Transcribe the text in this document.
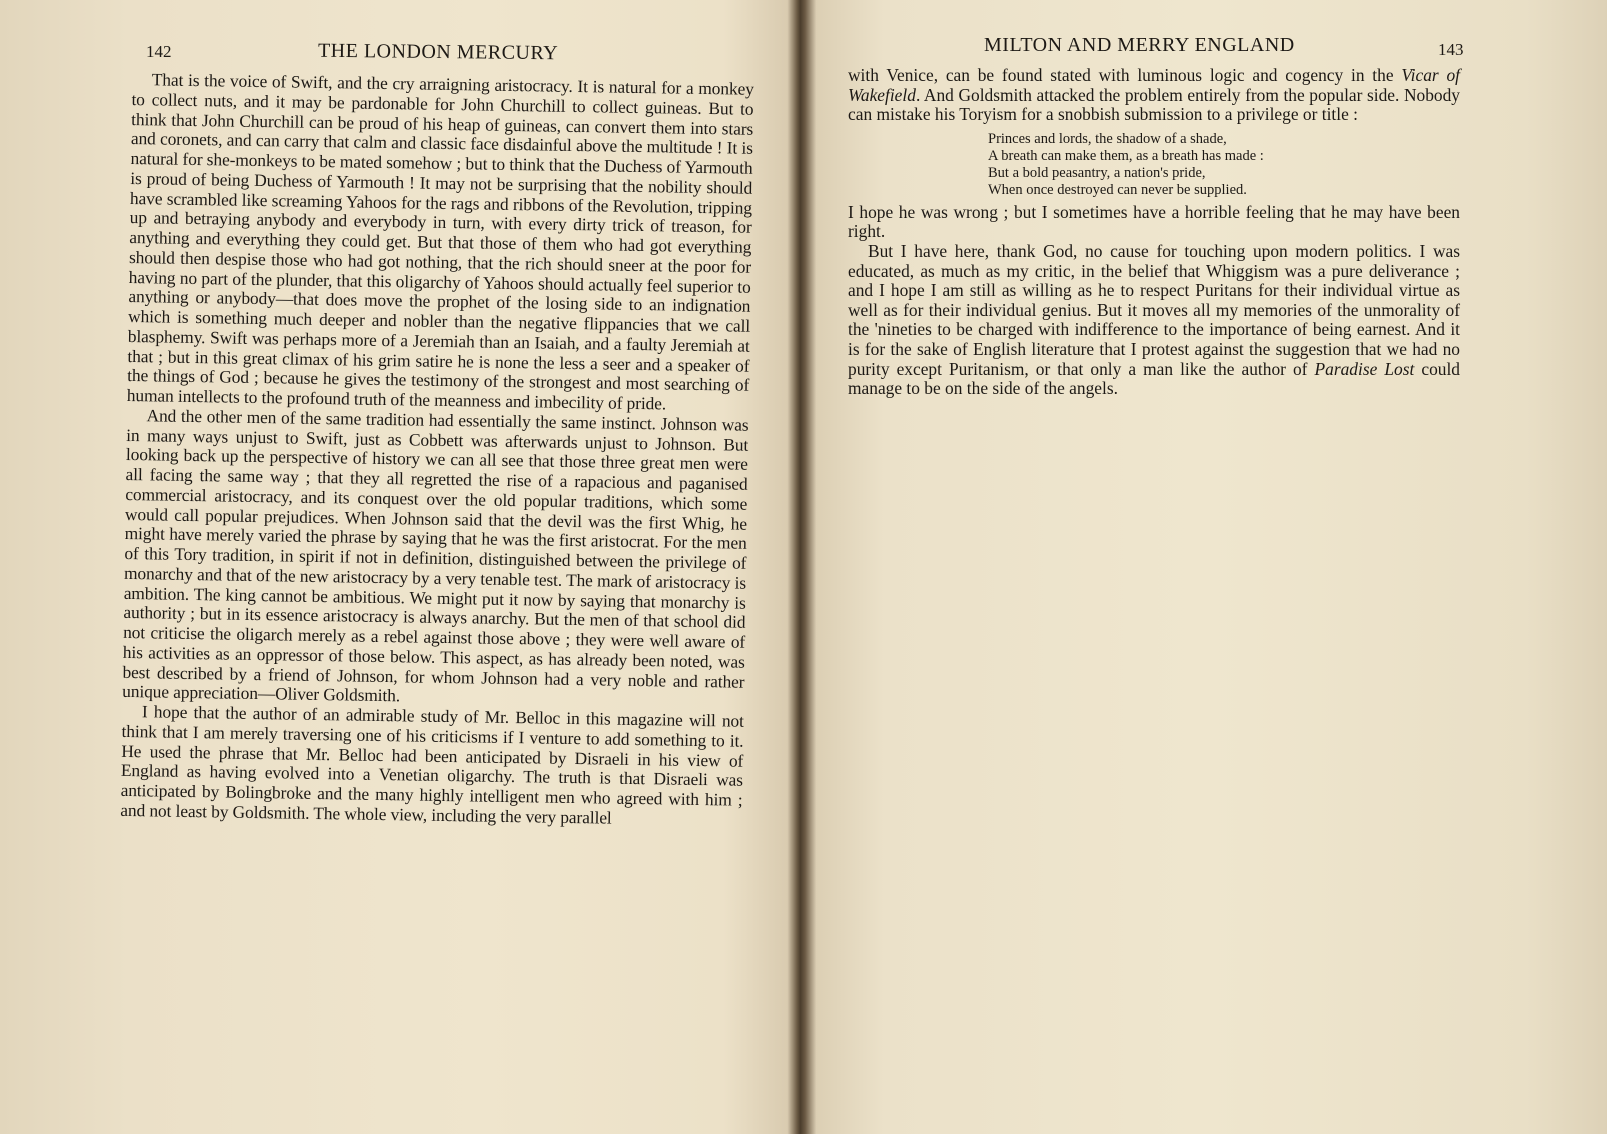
142	THE LONDON MERCURY

That is the voice of Swift, and the cry arraigning aristocracy. It is natural for a monkey to collect nuts, and it may be pardonable for John Churchill to collect guineas. But to think that John Churchill can be proud of his heap of guineas, can convert them into stars and coronets, and can carry that calm and classic face disdainful above the multitude ! It is natural for she-monkeys to be mated somehow ; but to think that the Duchess of Yarmouth is proud of being Duchess of Yarmouth ! It may not be surprising that the nobility should have scrambled like screaming Yahoos for the rags and ribbons of the Revolution, tripping up and betraying anybody and everybody in turn, with every dirty trick of treason, for anything and everything they could get. But that those of them who had got everything should then despise those who had got nothing, that the rich should sneer at the poor for having no part of the plunder, that this oligarchy of Yahoos should actually feel superior to anything or anybody—that does move the prophet of the losing side to an indignation which is something much deeper and nobler than the negative flippancies that we call blasphemy. Swift was perhaps more of a Jeremiah than an Isaiah, and a faulty Jeremiah at that ; but in this great climax of his grim satire he is none the less a seer and a speaker of the things of God ; because he gives the testimony of the strongest and most searching of human intellects to the profound truth of the meanness and imbecility of pride.

And the other men of the same tradition had essentially the same instinct. Johnson was in many ways unjust to Swift, just as Cobbett was afterwards unjust to Johnson. But looking back up the perspective of history we can all see that those three great men were all facing the same way ; that they all regretted the rise of a rapacious and paganised commercial aristocracy, and its conquest over the old popular traditions, which some would call popular prejudices. When Johnson said that the devil was the first Whig, he might have merely varied the phrase by saying that he was the first aristocrat. For the men of this Tory tradition, in spirit if not in definition, distinguished between the privilege of monarchy and that of the new aristocracy by a very tenable test. The mark of aristocracy is ambition. The king cannot be ambitious. We might put it now by saying that monarchy is authority ; but in its essence aristocracy is always anarchy. But the men of that school did not criticise the oligarch merely as a rebel against those above ; they were well aware of his activities as an oppressor of those below. This aspect, as has already been noted, was best described by a friend of Johnson, for whom Johnson had a very noble and rather unique appreciation—Oliver Goldsmith.

I hope that the author of an admirable study of Mr. Belloc in this magazine will not think that I am merely traversing one of his criticisms if I venture to add something to it. He used the phrase that Mr. Belloc had been anticipated by Disraeli in his view of England as having evolved into a Venetian oligarchy. The truth is that Disraeli was anticipated by Bolingbroke and the many highly intelligent men who agreed with him ; and not least by Goldsmith. The whole view, including the very parallel

MILTON AND MERRY ENGLAND	143

with Venice, can be found stated with luminous logic and cogency in the Vicar of Wakefield. And Goldsmith attacked the problem entirely from the popular side. Nobody can mistake his Toryism for a snobbish submission to a privilege or title :

Princes and lords, the shadow of a shade,
A breath can make them, as a breath has made :
But a bold peasantry, a nation's pride,
When once destroyed can never be supplied.

I hope he was wrong ; but I sometimes have a horrible feeling that he may have been right.

But I have here, thank God, no cause for touching upon modern politics. I was educated, as much as my critic, in the belief that Whiggism was a pure deliverance ; and I hope I am still as willing as he to respect Puritans for their individual virtue as well as for their individual genius. But it moves all my memories of the unmorality of the 'nineties to be charged with indifference to the importance of being earnest. And it is for the sake of English literature that I protest against the suggestion that we had no purity except Puritanism, or that only a man like the author of Paradise Lost could manage to be on the side of the angels.
